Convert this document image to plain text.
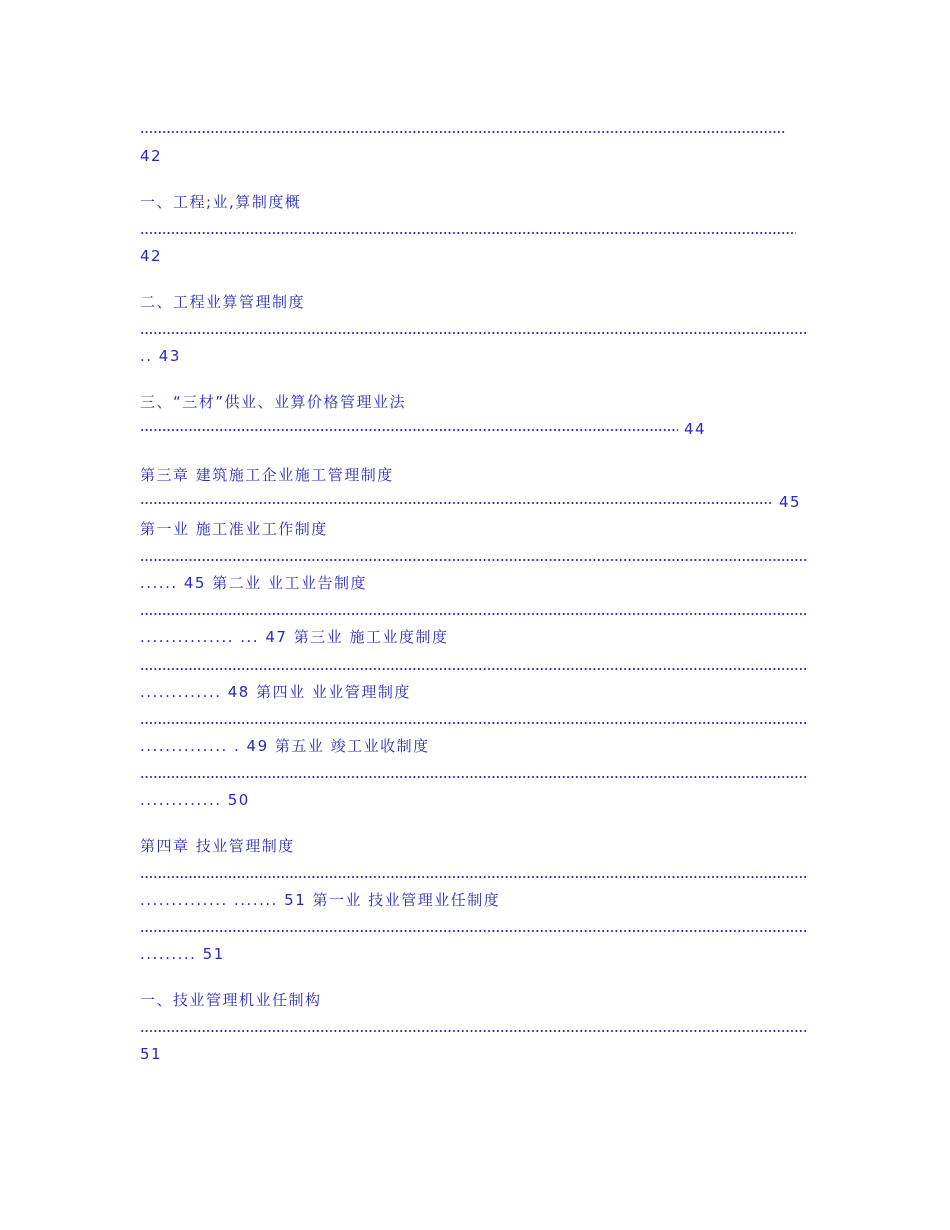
42
一、工程;业,算制度概
42
二、工程业算管理制度
.. 43
三、“三材”供业、业算价格管理业法
44
第三章 建筑施工企业施工管理制度
45
第一业 施工准业工作制度
...... 45 第二业 业工业告制度
............... ... 47 第三业 施工业度制度
............. 48 第四业 业业管理制度
.............. . 49 第五业 竣工业收制度
............. 50
第四章 技业管理制度
.............. ....... 51 第一业 技业管理业任制度
......... 51
一、技业管理机业任制构
51
